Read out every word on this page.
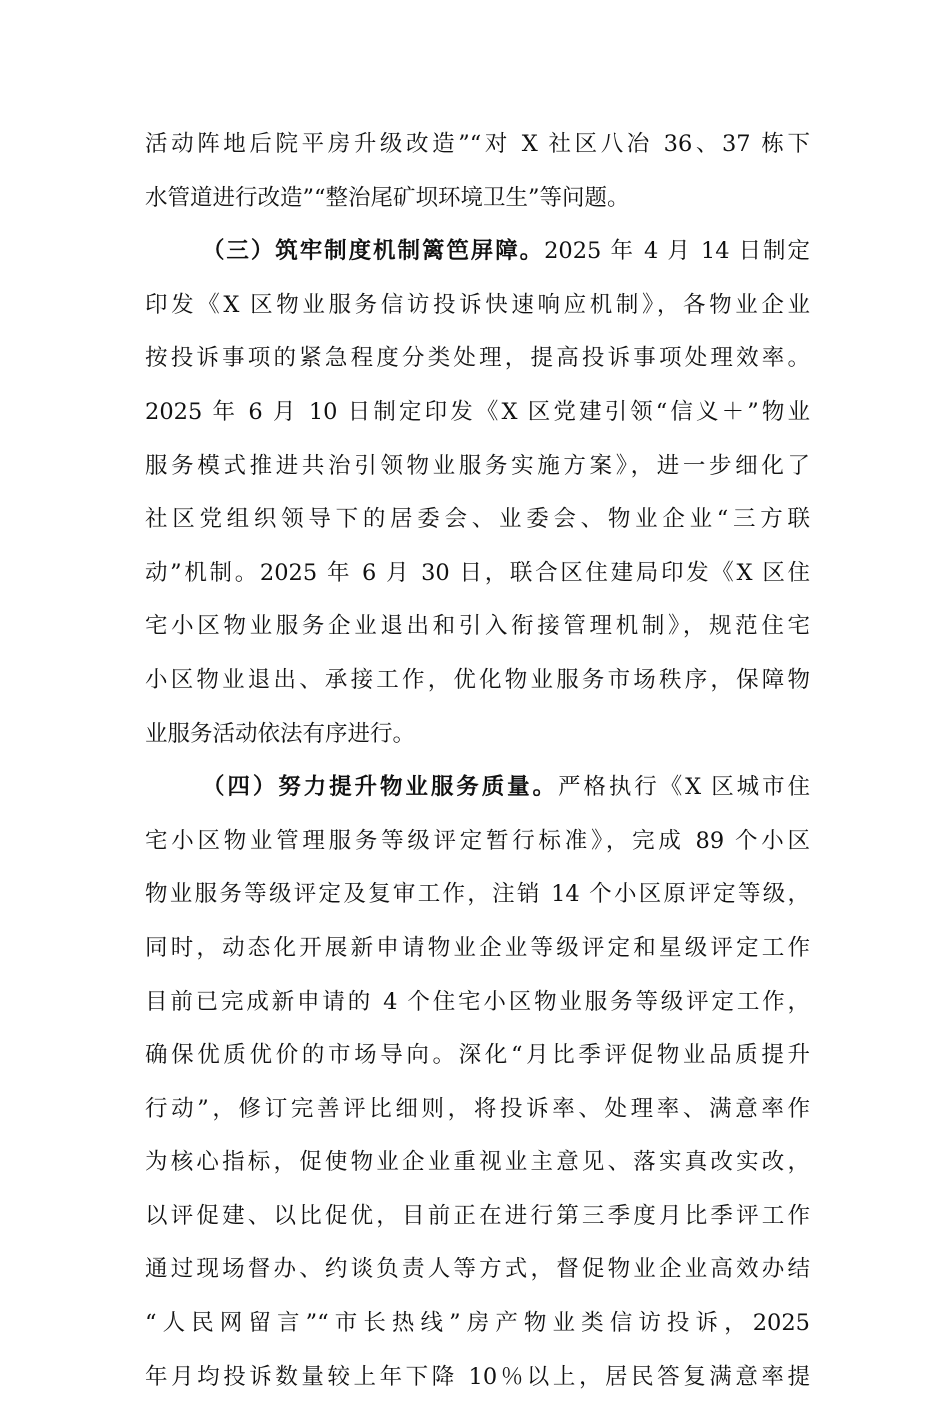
活动阵地后院平房升级改造”“对 X 社区八冶 36、37 栋下
水管道进行改造”“整治尾矿坝环境卫生”等问题。
（三）筑牢制度机制篱笆屏障。2025 年 4 月 14 日制定
印发《X 区物业服务信访投诉快速响应机制》，各物业企业
按投诉事项的紧急程度分类处理，提高投诉事项处理效率。
2025 年 6 月 10 日制定印发《X 区党建引领“信义＋”物业
服务模式推进共治引领物业服务实施方案》，进一步细化了
社区党组织领导下的居委会、业委会、物业企业“三方联
动”机制。2025 年 6 月 30 日，联合区住建局印发《X 区住
宅小区物业服务企业退出和引入衔接管理机制》，规范住宅
小区物业退出、承接工作，优化物业服务市场秩序，保障物
业服务活动依法有序进行。
（四）努力提升物业服务质量。严格执行《X 区城市住
宅小区物业管理服务等级评定暂行标准》，完成 89 个小区
物业服务等级评定及复审工作，注销 14 个小区原评定等级，
同时，动态化开展新申请物业企业等级评定和星级评定工作
目前已完成新申请的 4 个住宅小区物业服务等级评定工作，
确保优质优价的市场导向。深化“月比季评促物业品质提升
行动”，修订完善评比细则，将投诉率、处理率、满意率作
为核心指标，促使物业企业重视业主意见、落实真改实改，
以评促建、以比促优，目前正在进行第三季度月比季评工作
通过现场督办、约谈负责人等方式，督促物业企业高效办结
“人民网留言”“市长热线”房产物业类信访投诉，2025
年月均投诉数量较上年下降 10％以上，居民答复满意率提
